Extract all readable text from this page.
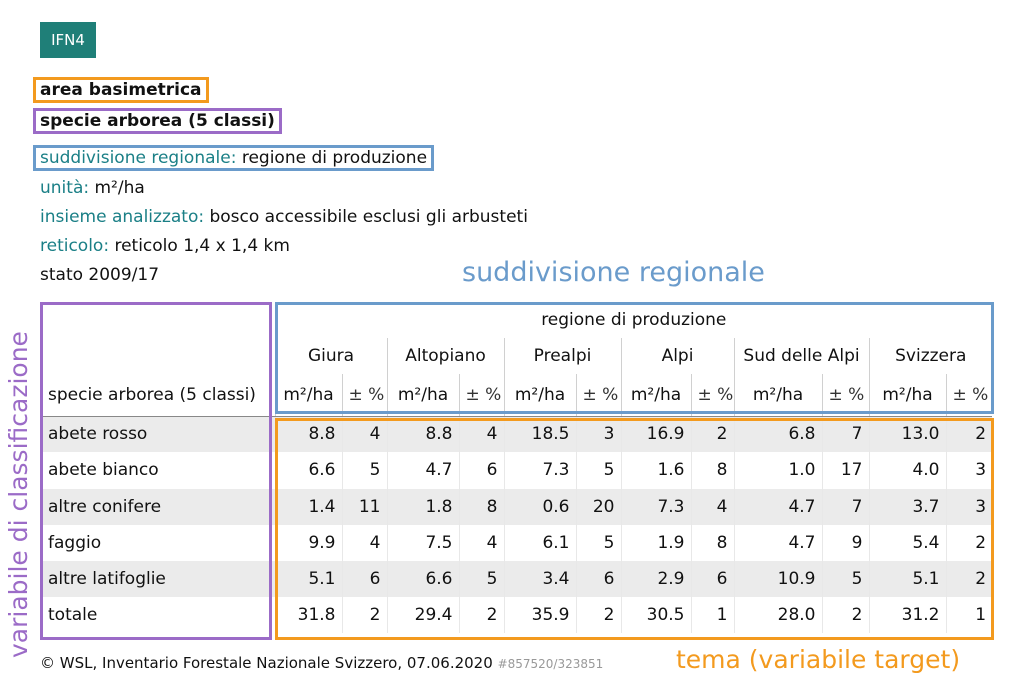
IFN4
area basimetrica
specie arborea (5 classi)
suddivisione regionale: regione di produzione
unità: m²/ha
insieme analizzato: bosco accessibile esclusi gli arbusteti
reticolo: reticolo 1,4 x 1,4 km
stato 2009/17	suddivisione regionale
variabile di classificazione
	regione di produzione											
	Giura		Altopiano		Prealpi		Alpi		Sud delle Alpi		Svizzera	
specie arborea (5 classi)	m²/ha	± %	m²/ha	± %	m²/ha	± %	m²/ha	± %	m²/ha	± %	m²/ha	± %
abete rosso	8.8	4	8.8	4	18.5	3	16.9	2	6.8	7	13.0	2
abete bianco	6.6	5	4.7	6	7.3	5	1.6	8	1.0	17	4.0	3
altre conifere	1.4	11	1.8	8	0.6	20	7.3	4	4.7	7	3.7	3
faggio	9.9	4	7.5	4	6.1	5	1.9	8	4.7	9	5.4	2
altre latifoglie	5.1	6	6.6	5	3.4	6	2.9	6	10.9	5	5.1	2
totale	31.8	2	29.4	2	35.9	2	30.5	1	28.0	2	31.2	1
© WSL, Inventario Forestale Nazionale Svizzero, 07.06.2020 #857520/323851	tema (variabile target)
